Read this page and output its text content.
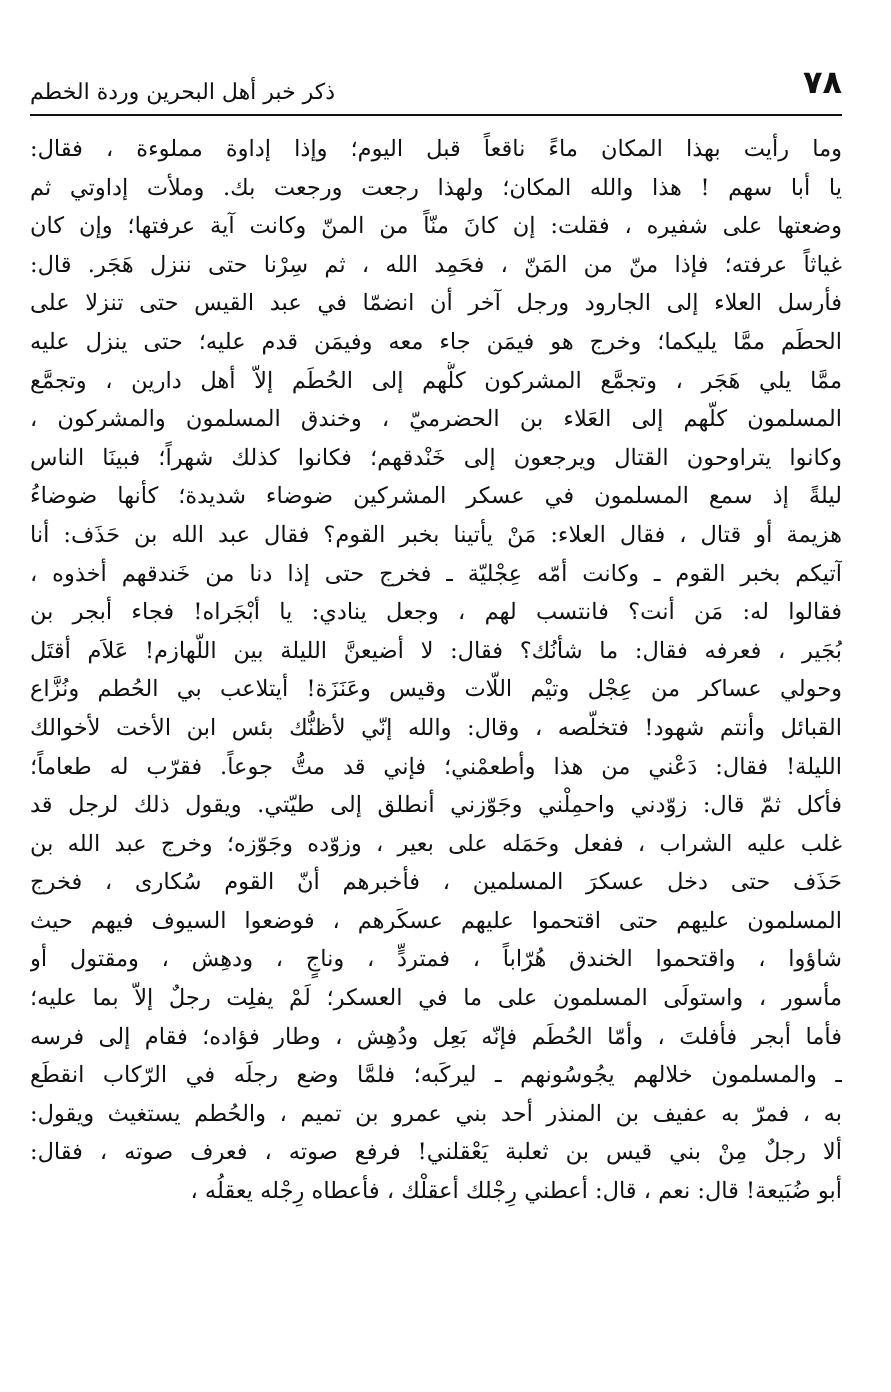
٧٨
ذكر خبر أهل البحرين وردة الخطم
وما رأيت بهذا المكان ماءً ناقعاً قبل اليوم؛ وإذا إداوة مملوءة ، فقال:
يا أبا سهم ! هذا والله المكان؛ ولهذا رجعت ورجعت بك. وملأت إداوتي ثم
وضعتها على شفيره ، فقلت: إن كانَ منّاً من المنّ وكانت آية عرفتها؛ وإن كان
غياثاً عرفته؛ فإذا منّ من المَنّ ، فحَمِد الله ، ثم سِرْنا حتى ننزل هَجَر. قال:
فأرسل العلاء إلى الجارود ورجل آخر أن انضمّا في عبد القيس حتى تنزلا على
الحطَم ممَّا يليكما؛ وخرج هو فيمَن جاء معه وفيمَن قدم عليه؛ حتى ينزل عليه
ممَّا يلي هَجَر ، وتجمَّع المشركون كلُّهم إلى الحُطَم إلاّ أهل دارين ، وتجمَّع
المسلمون كلّهم إلى العَلاء بن الحضرميّ ، وخندق المسلمون والمشركون ،
وكانوا يتراوحون القتال ويرجعون إلى خَنْدقهم؛ فكانوا كذلك شهراً؛ فبينَا الناس
ليلةً إذ سمع المسلمون في عسكر المشركين ضوضاء شديدة؛ كأنها ضوضاءُ
هزيمة أو قتال ، فقال العلاء: مَنْ يأتينا بخبر القوم؟ فقال عبد الله بن حَذَف: أنا
آتيكم بخبر القوم ـ وكانت أمّه عِجْليّة ـ فخرج حتى إذا دنا من خَندقهم أخذوه ،
فقالوا له: مَن أنت؟ فانتسب لهم ، وجعل ينادي: يا أبْجَراه! فجاء أبجر بن
بُجَير ، فعرفه فقال: ما شأنُك؟ فقال: لا أضيعنَّ الليلة بين اللّهازم! عَلاَم أقتَل
وحولي عساكر من عِجْل وتيْم اللّات وقيس وعَنَزَة! أيتلاعب بي الحُطم ونُزَّاع
القبائل وأنتم شهود! فتخلّصه ، وقال: والله إنّي لأظنُّك بئس ابن الأخت لأخوالك
الليلة! فقال: دَعْني من هذا وأطعمْني؛ فإني قد متُّ جوعاً. فقرّب له طعاماً؛
فأكل ثمّ قال: زوّدني واحمِلْني وجَوّزني أنطلق إلى طيّتي. ويقول ذلك لرجل قد
غلب عليه الشراب ، ففعل وحَمَله على بعير ، وزوّده وجَوّزه؛ وخرج عبد الله بن
حَذَف حتى دخل عسكرَ المسلمين ، فأخبرهم أنّ القوم سُكارى ، فخرج
المسلمون عليهم حتى اقتحموا عليهم عسكَرهم ، فوضعوا السيوف فيهم حيث
شاؤوا ، واقتحموا الخندق هُرّاباً ، فمتردٍّ ، وناجٍ ، ودهِش ، ومقتول أو
مأسور ، واستولَى المسلمون على ما في العسكر؛ لَمْ يفلِت رجلٌ إلاّ بما عليه؛
فأما أبجر فأفلتَ ، وأمّا الحُطَم فإنّه بَعِل ودُهِش ، وطار فؤاده؛ فقام إلى فرسه
ـ والمسلمون خلالهم يجُوسُونهم ـ ليركَبه؛ فلمَّا وضع رجلَه في الرّكاب انقطَع
به ، فمرّ به عفيف بن المنذر أحد بني عمرو بن تميم ، والحُطم يستغيث ويقول:
ألا رجلٌ مِنْ بني قيس بن ثعلبة يَعْقلني! فرفع صوته ، فعرف صوته ، فقال:
أبو ضُبَيعة! قال: نعم ، قال: أعطني رِجْلك أعقلْك ، فأعطاه رِجْله يعقلُه ،
